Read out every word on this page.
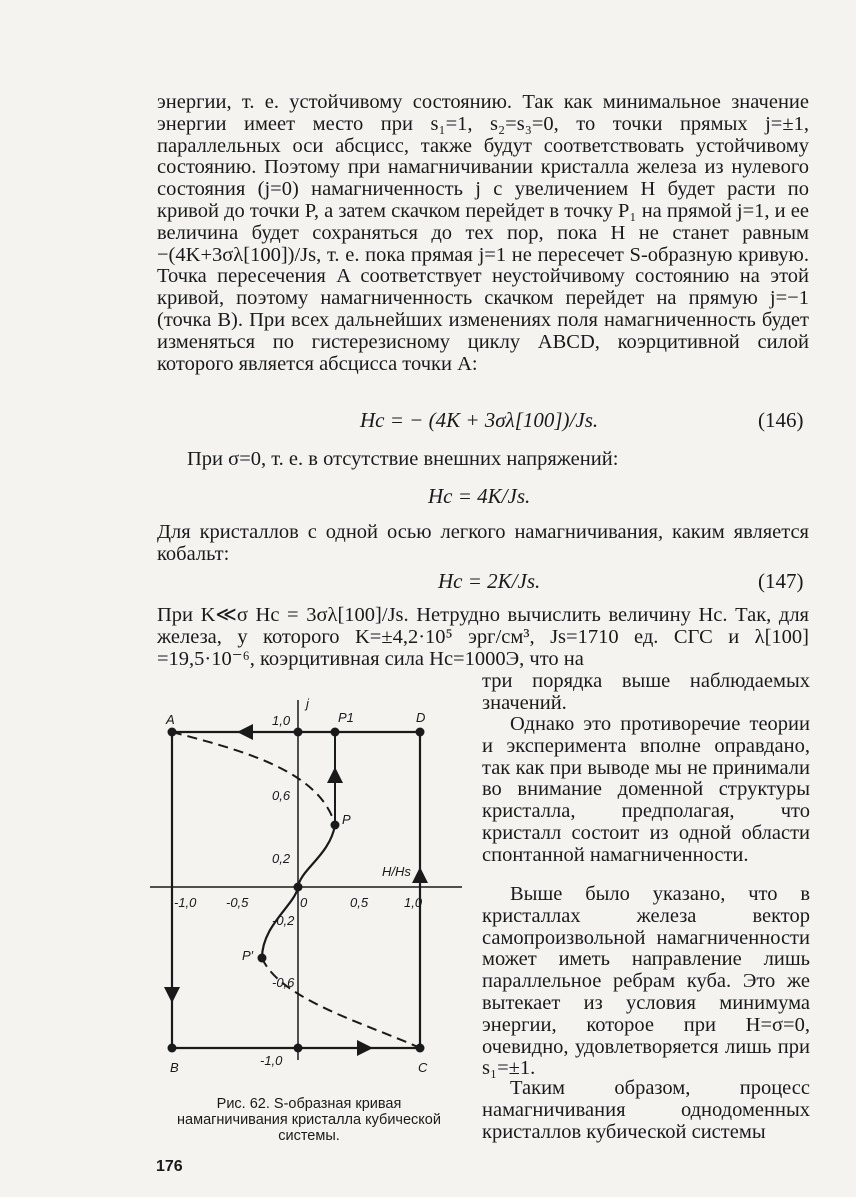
энергии, т. е. устойчивому состоянию. Так как минимальное значение энергии имеет место при s₁=1, s₂=s₃=0, то точки прямых j=±1, параллельных оси абсцисс, также будут соответствовать устойчивому состоянию. Поэтому при намагничивании кристалла железа из нулевого состояния (j=0) намагниченность j с увеличением H будет расти по кривой до точки P, а затем скачком перейдет в точку P₁ на прямой j=1, и ее величина будет сохраняться до тех пор, пока H не станет равным −(4K+3σλ[100])/Js, т. е. пока прямая j=1 не пересечет S-образную кривую. Точка пересечения A соответствует неустойчивому состоянию на этой кривой, поэтому намагниченность скачком перейдет на прямую j=−1 (точка B). При всех дальнейших изменениях поля намагниченность будет изменяться по гистерезисному циклу ABCD, коэрцитивной силой которого является абсцисса точки A:

Hc = − (4K + 3σλ[100])/Js.	(146)

При σ=0, т. е. в отсутствие внешних напряжений:

Hc = 4K/Js.

Для кристаллов с одной осью легкого намагничивания, каким является кобальт:

Hc = 2K/Js.	(147)

При K≪σ Hc = 3σλ[100]/Js. Нетрудно вычислить величину Hc. Так, для железа, у которого K=±4,2·10⁵ эрг/см³, Js=1710 ед. СГС и λ[100] =19,5·10⁻⁶, коэрцитивная сила Hc=1000Э, что на

три порядка выше наблюдаемых значений.

Однако это противоречие теории и эксперимента вполне оправдано, так как при выводе мы не принимали во внимание доменной структуры кристалла, предполагая, что кристалл состоит из одной области спонтанной намагниченности.

Выше было указано, что в кристаллах железа вектор самопроизвольной намагниченности может иметь направление лишь параллельное ребрам куба. Это же вытекает из условия минимума энергии, которое при H=σ=0, очевидно, удовлетворяется лишь при s₁=±1.

Таким образом, процесс намагничивания однодоменных кристаллов кубической системы

j
H/Hs
A	D
B	C
P1
P
P′
1,0
0,6
0,2
-0,2
-0,6
-1,0
-1,0 -0,5	0	0,5	1,0
Рис. 62. S-образная кривая намагничивания кристалла кубической системы.
176
